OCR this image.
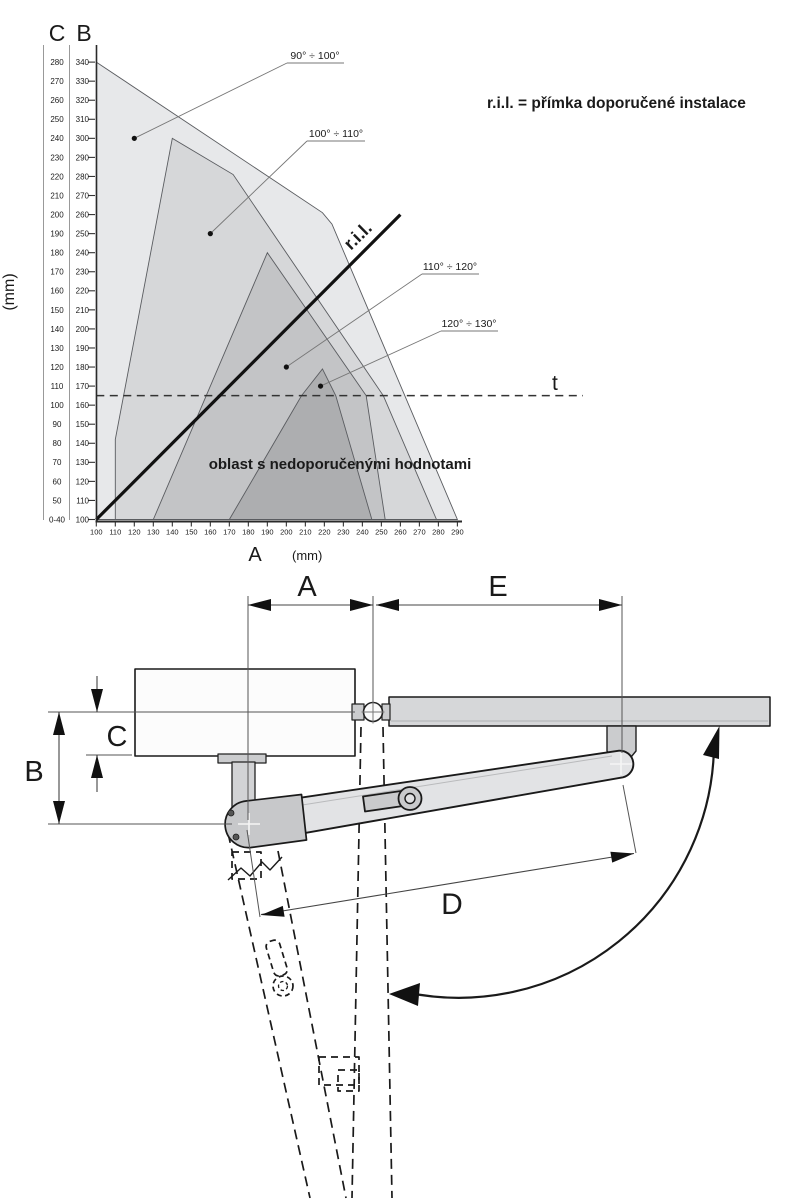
oblast s nedoporučenými hodnotami
90° ÷ 100°
100° ÷ 110°
110° ÷ 120°
120° ÷ 130°
340
280
330
270
320
260
310
250
300
240
290
230
280
220
270
210
260
200
250
190
240
180
230
170
220
160
210
150
200
140
190
130
180
120
170
110
160
100
150
90
140
80
130
70
120
60
110
50
100
0-40
100 110 120 130 140 150 160 170 180 190 200 210 220 230 240 250 260 270 280 290
C B
(mm)
A (mm)
t
r.i.l.
r.i.l. = přímka doporučené instalace
A	E
C
B
D
